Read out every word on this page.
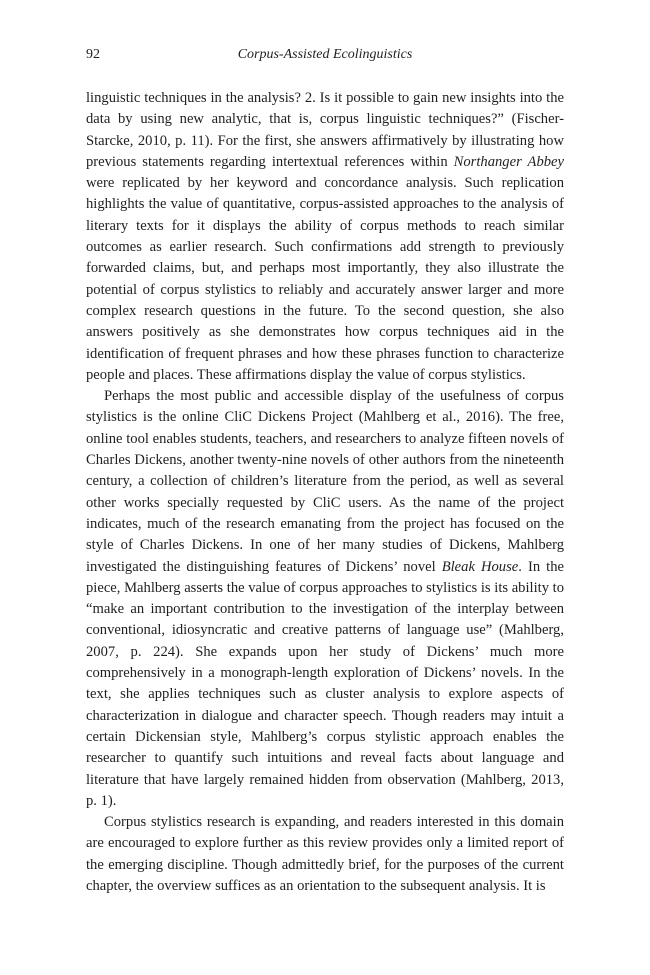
92	Corpus-Assisted Ecolinguistics

linguistic techniques in the analysis? 2. Is it possible to gain new insights into the data by using new analytic, that is, corpus linguistic techniques?” (Fischer-Starcke, 2010, p. 11). For the first, she answers affirmatively by illustrating how previous statements regarding intertextual references within Northanger Abbey were replicated by her keyword and concordance analysis. Such replication highlights the value of quantitative, corpus-assisted approaches to the analysis of literary texts for it displays the ability of corpus methods to reach similar outcomes as earlier research. Such confirmations add strength to previously forwarded claims, but, and perhaps most importantly, they also illustrate the potential of corpus stylistics to reliably and accurately answer larger and more complex research questions in the future. To the second question, she also answers positively as she demonstrates how corpus techniques aid in the identification of frequent phrases and how these phrases function to characterize people and places. These affirmations display the value of corpus stylistics.

Perhaps the most public and accessible display of the usefulness of corpus stylistics is the online CliC Dickens Project (Mahlberg et al., 2016). The free, online tool enables students, teachers, and researchers to analyze fifteen novels of Charles Dickens, another twenty-nine novels of other authors from the nineteenth century, a collection of children’s literature from the period, as well as several other works specially requested by CliC users. As the name of the project indicates, much of the research emanating from the project has focused on the style of Charles Dickens. In one of her many studies of Dickens, Mahlberg investigated the distinguishing features of Dickens’ novel Bleak House. In the piece, Mahlberg asserts the value of corpus approaches to stylistics is its ability to “make an important contribution to the investigation of the interplay between conventional, idiosyncratic and creative patterns of language use” (Mahlberg, 2007, p. 224). She expands upon her study of Dickens’ much more comprehensively in a monograph-length exploration of Dickens’ novels. In the text, she applies techniques such as cluster analysis to explore aspects of characterization in dialogue and character speech. Though readers may intuit a certain Dickensian style, Mahlberg’s corpus stylistic approach enables the researcher to quantify such intuitions and reveal facts about language and literature that have largely remained hidden from observation (Mahlberg, 2013, p. 1).

Corpus stylistics research is expanding, and readers interested in this domain are encouraged to explore further as this review provides only a limited report of the emerging discipline. Though admittedly brief, for the purposes of the current chapter, the overview suffices as an orientation to the subsequent analysis. It is
